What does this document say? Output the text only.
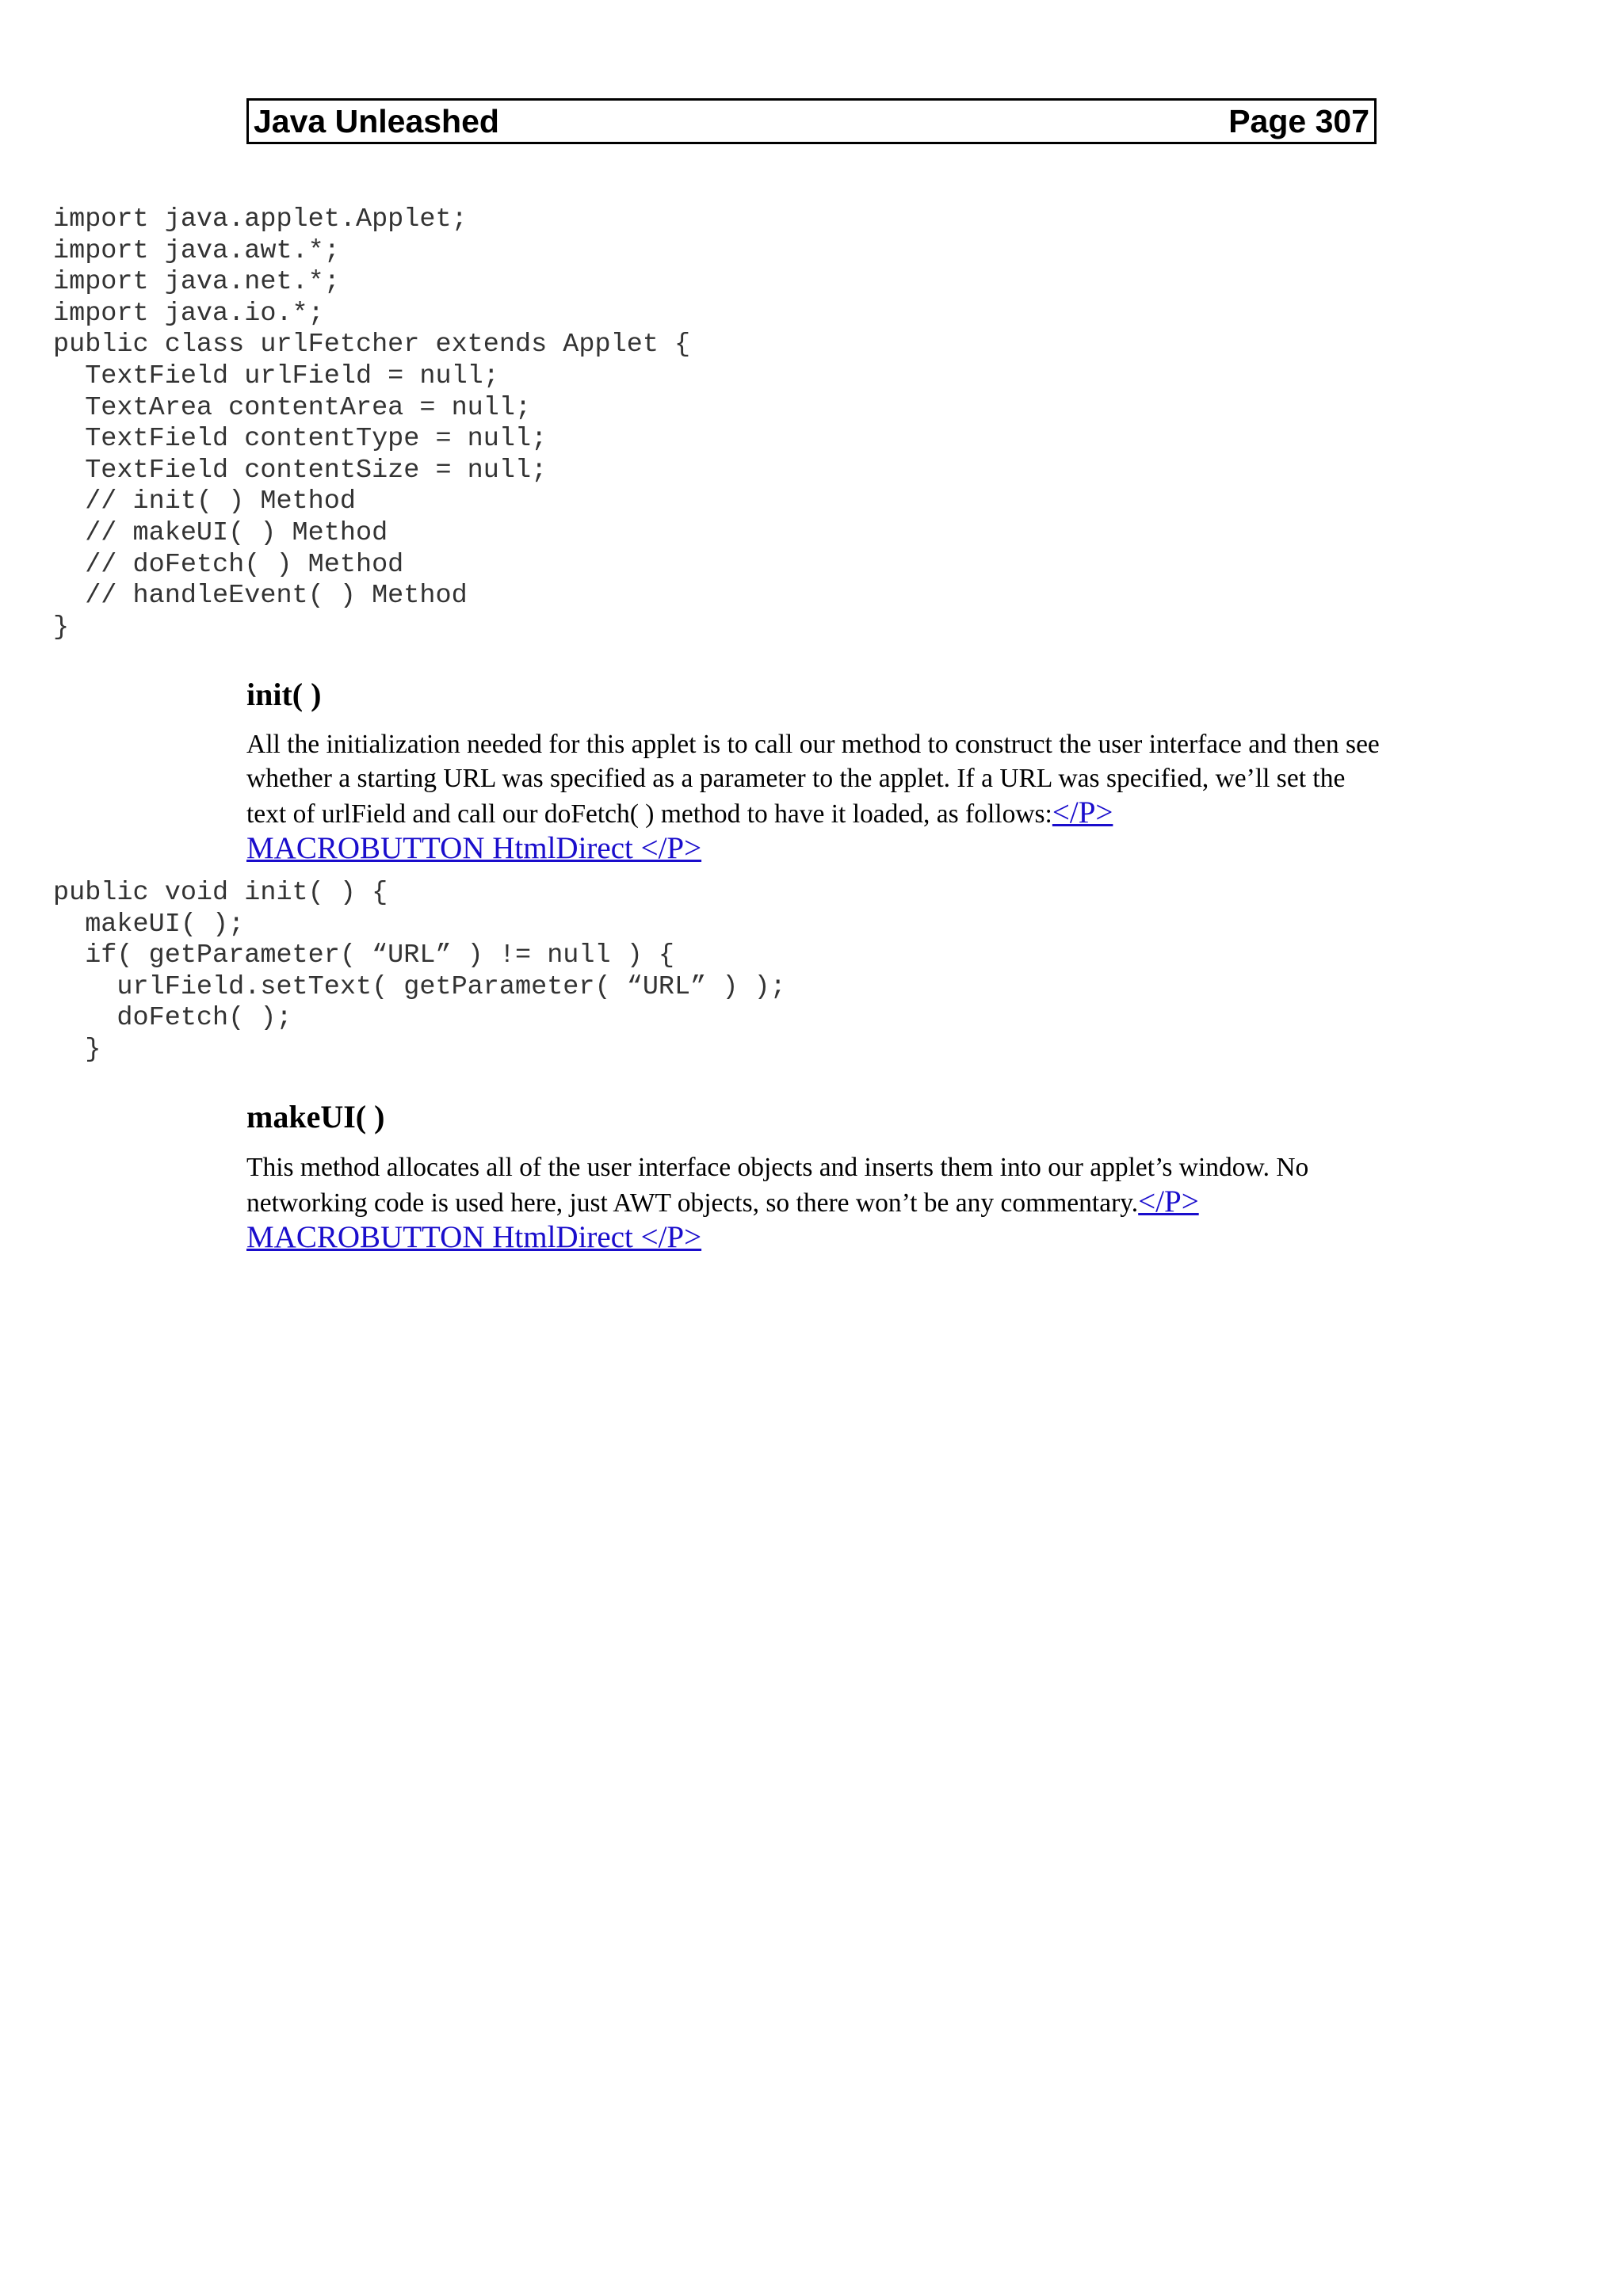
Java Unleashed	Page 307
import java.applet.Applet;
import java.awt.*;
import java.net.*;
import java.io.*;
public class urlFetcher extends Applet {
TextField urlField = null;
TextArea contentArea = null;
TextField contentType = null;
TextField contentSize = null;
// init( ) Method
// makeUI( ) Method
// doFetch( ) Method
// handleEvent( ) Method
}
init( )

All the initialization needed for this applet is to call our method to construct the user interface and then see whether a starting URL was specified as a parameter to the applet. If a URL was specified, we’ll set the text of urlField and call our doFetch( ) method to have it loaded, as follows:</P>
MACROBUTTON HtmlDirect </P>

public void init( ) {
makeUI( );
if( getParameter( “URL” ) != null ) {
urlField.setText( getParameter( “URL” ) );
doFetch( );
}
makeUI( )

This method allocates all of the user interface objects and inserts them into our applet’s window. No networking code is used here, just AWT objects, so there won’t be any commentary.</P>
MACROBUTTON HtmlDirect </P>
